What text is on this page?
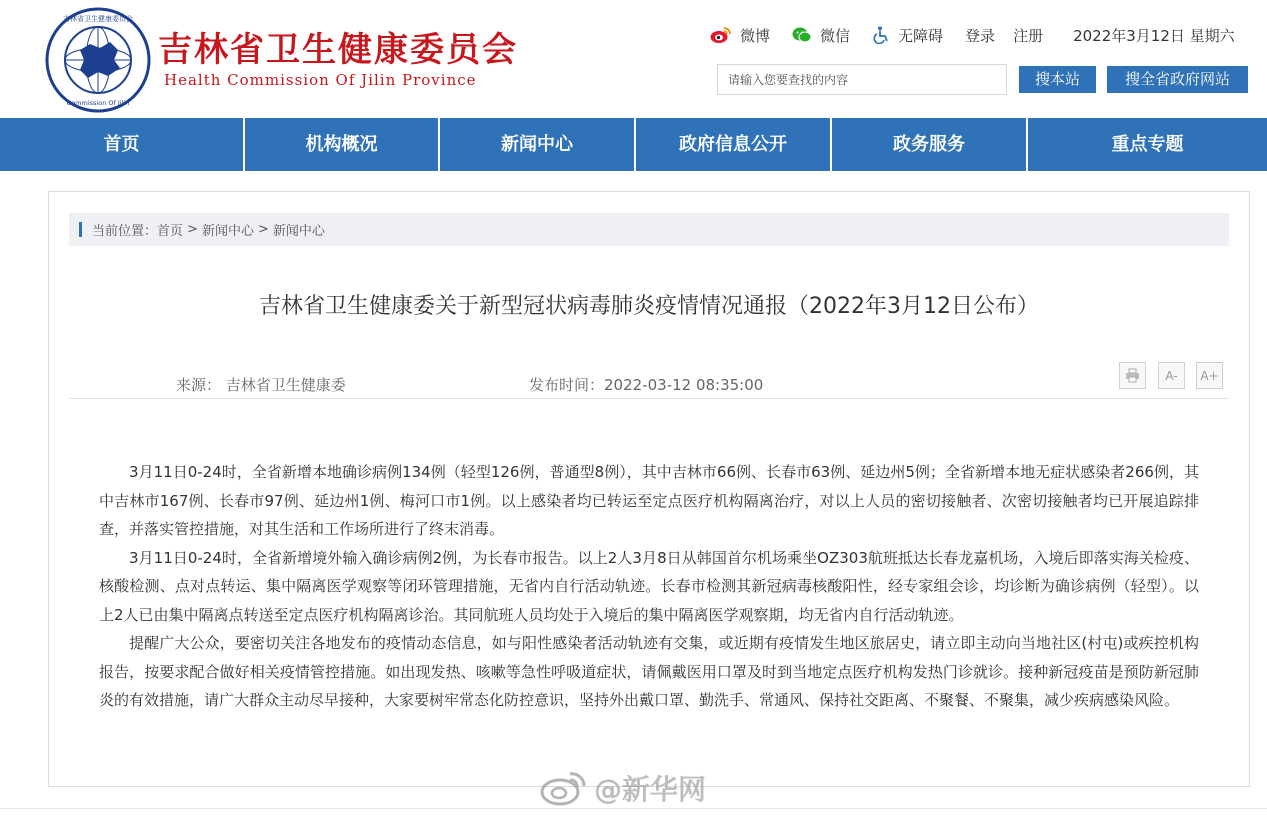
吉林省卫生健康委员会
Commission Of Jilin
吉林省卫生健康委员会
Health Commission Of Jilin Province
微博	微信	无障碍 登录 注册 2022年3月12日 星期六
请输入您要查找的内容
搜本站	搜全省政府网站
首页	机构概况	新闻中心	政府信息公开	政务服务	重点专题
当前位置： 首页 > 新闻中心 > 新闻中心
吉林省卫生健康委关于新型冠状病毒肺炎疫情情况通报（2022年3月12日公布）
来源： 吉林省卫生健康委	发布时间：2022-03-12 08:35:00
A-	A+

3月11日0-24时，全省新增本地确诊病例134例（轻型126例，普通型8例），其中吉林市66例、长春市63例、延边州5例；全省新增本地无症状感染者266例，其中吉林市167例、长春市97例、延边州1例、梅河口市1例。以上感染者均已转运至定点医疗机构隔离治疗，对以上人员的密切接触者、次密切接触者均已开展追踪排查，并落实管控措施，对其生活和工作场所进行了终末消毒。

3月11日0-24时，全省新增境外输入确诊病例2例，为长春市报告。以上2人3月8日从韩国首尔机场乘坐OZ303航班抵达长春龙嘉机场，入境后即落实海关检疫、核酸检测、点对点转运、集中隔离医学观察等闭环管理措施，无省内自行活动轨迹。长春市检测其新冠病毒核酸阳性，经专家组会诊，均诊断为确诊病例（轻型）。以上2人已由集中隔离点转送至定点医疗机构隔离诊治。其同航班人员均处于入境后的集中隔离医学观察期，均无省内自行活动轨迹。

提醒广大公众，要密切关注各地发布的疫情动态信息，如与阳性感染者活动轨迹有交集，或近期有疫情发生地区旅居史，请立即主动向当地社区(村屯)或疾控机构报告，按要求配合做好相关疫情管控措施。如出现发热、咳嗽等急性呼吸道症状，请佩戴医用口罩及时到当地定点医疗机构发热门诊就诊。接种新冠疫苗是预防新冠肺炎的有效措施，请广大群众主动尽早接种，大家要树牢常态化防控意识，坚持外出戴口罩、勤洗手、常通风、保持社交距离、不聚餐、不聚集，减少疾病感染风险。

@新华网
